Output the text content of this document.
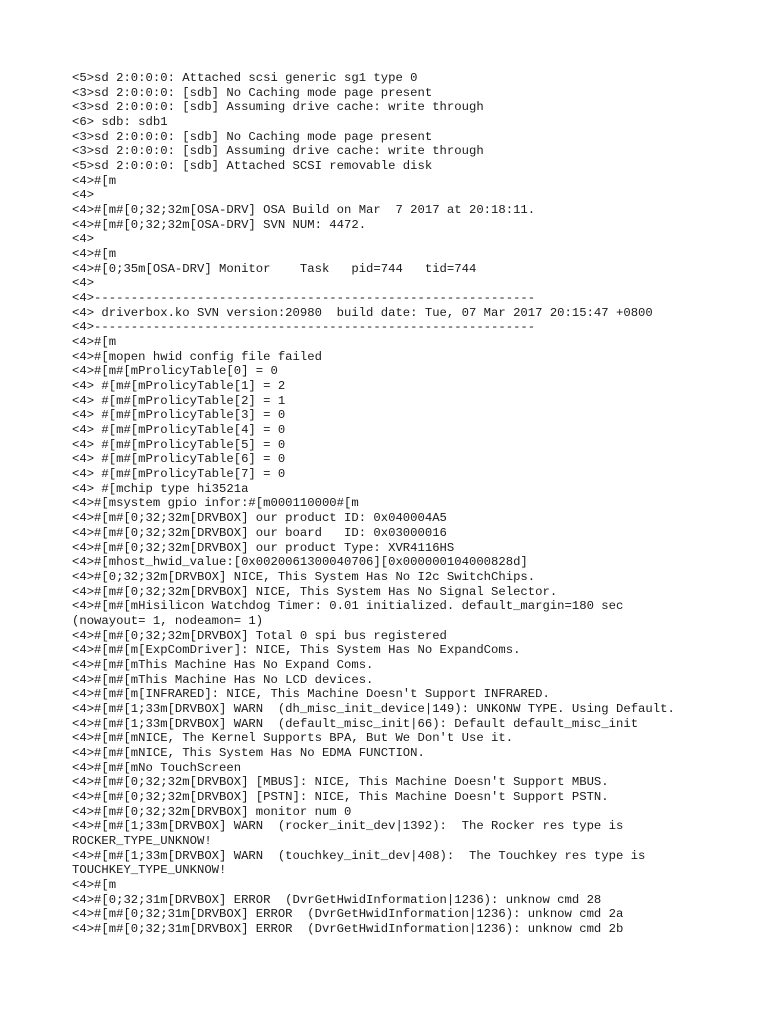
<5>sd 2:0:0:0: Attached scsi generic sg1 type 0
<3>sd 2:0:0:0: [sdb] No Caching mode page present
<3>sd 2:0:0:0: [sdb] Assuming drive cache: write through
<6> sdb: sdb1
<3>sd 2:0:0:0: [sdb] No Caching mode page present
<3>sd 2:0:0:0: [sdb] Assuming drive cache: write through
<5>sd 2:0:0:0: [sdb] Attached SCSI removable disk
<4>#[m
<4>
<4>#[m#[0;32;32m[OSA-DRV] OSA Build on Mar  7 2017 at 20:18:11.
<4>#[m#[0;32;32m[OSA-DRV] SVN NUM: 4472.
<4>
<4>#[m
<4>#[0;35m[OSA-DRV] Monitor    Task   pid=744   tid=744
<4>
<4>------------------------------------------------------------
<4> driverbox.ko SVN version:20980  build date: Tue, 07 Mar 2017 20:15:47 +0800
<4>------------------------------------------------------------
<4>#[m
<4>#[mopen hwid config file failed
<4>#[m#[mProlicyTable[0] = 0
<4> #[m#[mProlicyTable[1] = 2
<4> #[m#[mProlicyTable[2] = 1
<4> #[m#[mProlicyTable[3] = 0
<4> #[m#[mProlicyTable[4] = 0
<4> #[m#[mProlicyTable[5] = 0
<4> #[m#[mProlicyTable[6] = 0
<4> #[m#[mProlicyTable[7] = 0
<4> #[mchip type hi3521a
<4>#[msystem gpio infor:#[m000110000#[m
<4>#[m#[0;32;32m[DRVBOX] our product ID: 0x040004A5
<4>#[m#[0;32;32m[DRVBOX] our board   ID: 0x03000016
<4>#[m#[0;32;32m[DRVBOX] our product Type: XVR4116HS
<4>#[mhost_hwid_value:[0x0020061300040706][0x000000104000828d]
<4>#[0;32;32m[DRVBOX] NICE, This System Has No I2c SwitchChips.
<4>#[m#[0;32;32m[DRVBOX] NICE, This System Has No Signal Selector.
<4>#[m#[mHisilicon Watchdog Timer: 0.01 initialized. default_margin=180 sec
(nowayout= 1, nodeamon= 1)
<4>#[m#[0;32;32m[DRVBOX] Total 0 spi bus registered
<4>#[m#[m[ExpComDriver]: NICE, This System Has No ExpandComs.
<4>#[m#[mThis Machine Has No Expand Coms.
<4>#[m#[mThis Machine Has No LCD devices.
<4>#[m#[m[INFRARED]: NICE, This Machine Doesn't Support INFRARED.
<4>#[m#[1;33m[DRVBOX] WARN  (dh_misc_init_device|149): UNKONW TYPE. Using Default.
<4>#[m#[1;33m[DRVBOX] WARN  (default_misc_init|66): Default default_misc_init
<4>#[m#[mNICE, The Kernel Supports BPA, But We Don't Use it.
<4>#[m#[mNICE, This System Has No EDMA FUNCTION.
<4>#[m#[mNo TouchScreen
<4>#[m#[0;32;32m[DRVBOX] [MBUS]: NICE, This Machine Doesn't Support MBUS.
<4>#[m#[0;32;32m[DRVBOX] [PSTN]: NICE, This Machine Doesn't Support PSTN.
<4>#[m#[0;32;32m[DRVBOX] monitor num 0
<4>#[m#[1;33m[DRVBOX] WARN  (rocker_init_dev|1392):  The Rocker res type is
ROCKER_TYPE_UNKNOW!
<4>#[m#[1;33m[DRVBOX] WARN  (touchkey_init_dev|408):  The Touchkey res type is
TOUCHKEY_TYPE_UNKNOW!
<4>#[m
<4>#[0;32;31m[DRVBOX] ERROR  (DvrGetHwidInformation|1236): unknow cmd 28
<4>#[m#[0;32;31m[DRVBOX] ERROR  (DvrGetHwidInformation|1236): unknow cmd 2a
<4>#[m#[0;32;31m[DRVBOX] ERROR  (DvrGetHwidInformation|1236): unknow cmd 2b
